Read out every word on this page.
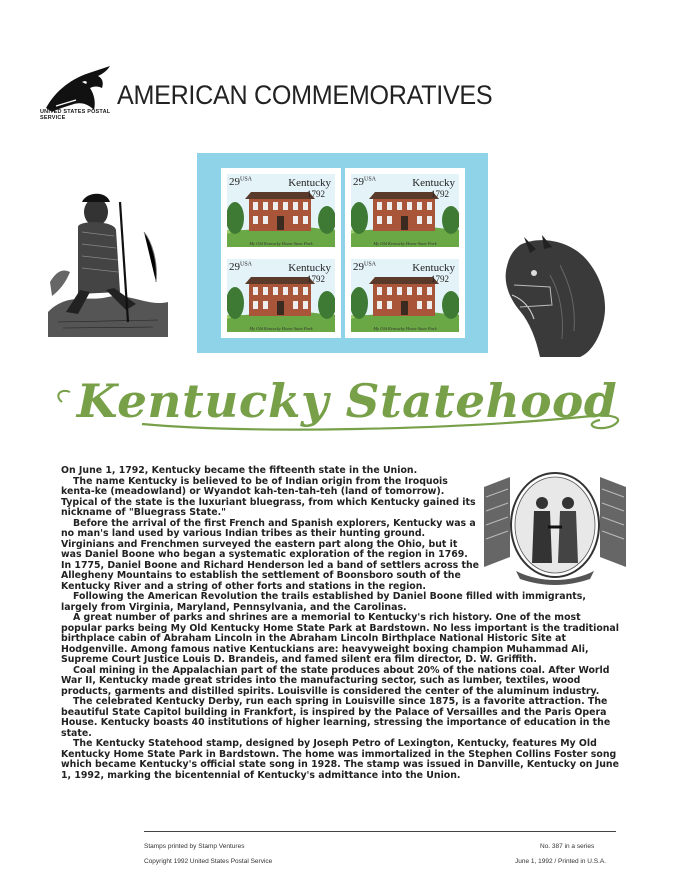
UNITED STATES POSTAL SERVICE
AMERICAN COMMEMORATIVES
$29^{USA}$	Kentucky
1792
My Old Kentucky Home State Park
$29^{USA}$	Kentucky
1792
My Old Kentucky Home State Park
$29^{USA}$	Kentucky
1792
My Old Kentucky Home State Park
$29^{USA}$	Kentucky
1792
My Old Kentucky Home State Park
Kentucky Statehood

On June 1, 1792, Kentucky became the fifteenth state in the Union.

The name Kentucky is believed to be of Indian origin from the Iroquois kenta-ke (meadowland) or Wyandot kah-ten-tah-teh (land of tomorrow). Typical of the state is the luxuriant bluegrass, from which Kentucky gained its nickname of "Bluegrass State."

Before the arrival of the first French and Spanish explorers, Kentucky was a no man's land used by various Indian tribes as their hunting ground. Virginians and Frenchmen surveyed the eastern part along the Ohio, but it was Daniel Boone who began a systematic exploration of the region in 1769. In 1775, Daniel Boone and Richard Henderson led a band of settlers across the Allegheny Mountains to establish the settlement of Boonsboro south of the Kentucky River and a string of other forts and stations in the region.

Following the American Revolution the trails established by Daniel Boone filled with immigrants, largely from Virginia, Maryland, Pennsylvania, and the Carolinas.

A great number of parks and shrines are a memorial to Kentucky's rich history. One of the most popular parks being My Old Kentucky Home State Park at Bardstown. No less important is the traditional birthplace cabin of Abraham Lincoln in the Abraham Lincoln Birthplace National Historic Site at Hodgenville. Among famous native Kentuckians are: heavyweight boxing champion Muhammad Ali, Supreme Court Justice Louis D. Brandeis, and famed silent era film director, D. W. Griffith.

Coal mining in the Appalachian part of the state produces about 20% of the nations coal. After World War II, Kentucky made great strides into the manufacturing sector, such as lumber, textiles, wood products, garments and distilled spirits. Louisville is considered the center of the aluminum industry.

The celebrated Kentucky Derby, run each spring in Louisville since 1875, is a favorite attraction. The beautiful State Capitol building in Frankfort, is inspired by the Palace of Versailles and the Paris Opera House. Kentucky boasts 40 institutions of higher learning, stressing the importance of education in the state.

The Kentucky Statehood stamp, designed by Joseph Petro of Lexington, Kentucky, features My Old Kentucky Home State Park in Bardstown. The home was immortalized in the Stephen Collins Foster song which became Kentucky's official state song in 1928. The stamp was issued in Danville, Kentucky on June 1, 1992, marking the bicentennial of Kentucky's admittance into the Union.

Stamps printed by Stamp Ventures
Copyright 1992 United States Postal Service
No. 387 in a series
June 1, 1992 / Printed in U.S.A.
